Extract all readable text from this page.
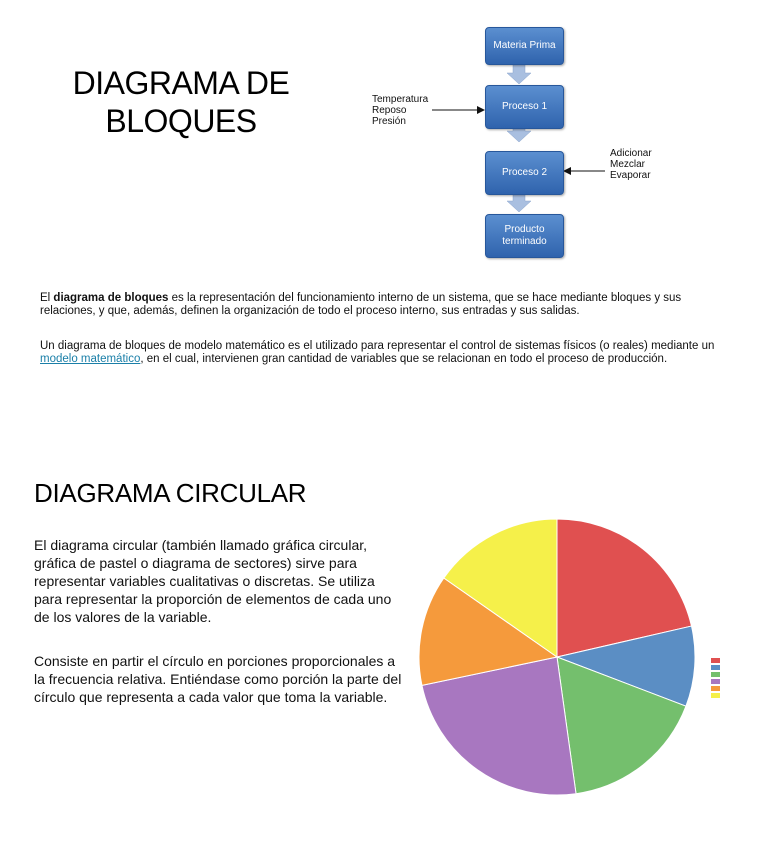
DIAGRAMA DE BLOQUES
Materia Prima
Proceso 1
Proceso 2
Producto terminado
Temperatura
Reposo
Presión
Adicionar
Mezclar
Evaporar

El diagrama de bloques es la representación del funcionamiento interno de un sistema, que se hace mediante bloques y sus relaciones, y que, además, definen la organización de todo el proceso interno, sus entradas y sus salidas.

Un diagrama de bloques de modelo matemático es el utilizado para representar el control de sistemas físicos (o reales) mediante un modelo matemático, en el cual, intervienen gran cantidad de variables que se relacionan en todo el proceso de producción.

DIAGRAMA CIRCULAR

El diagrama circular (también llamado gráfica circular, gráfica de pastel o diagrama de sectores) sirve para representar variables cualitativas o discretas. Se utiliza para representar la proporción de elementos de cada uno de los valores de la variable.

Consiste en partir el círculo en porciones proporcionales a la frecuencia relativa. Entiéndase como porción la parte del círculo que representa a cada valor que toma la variable.
